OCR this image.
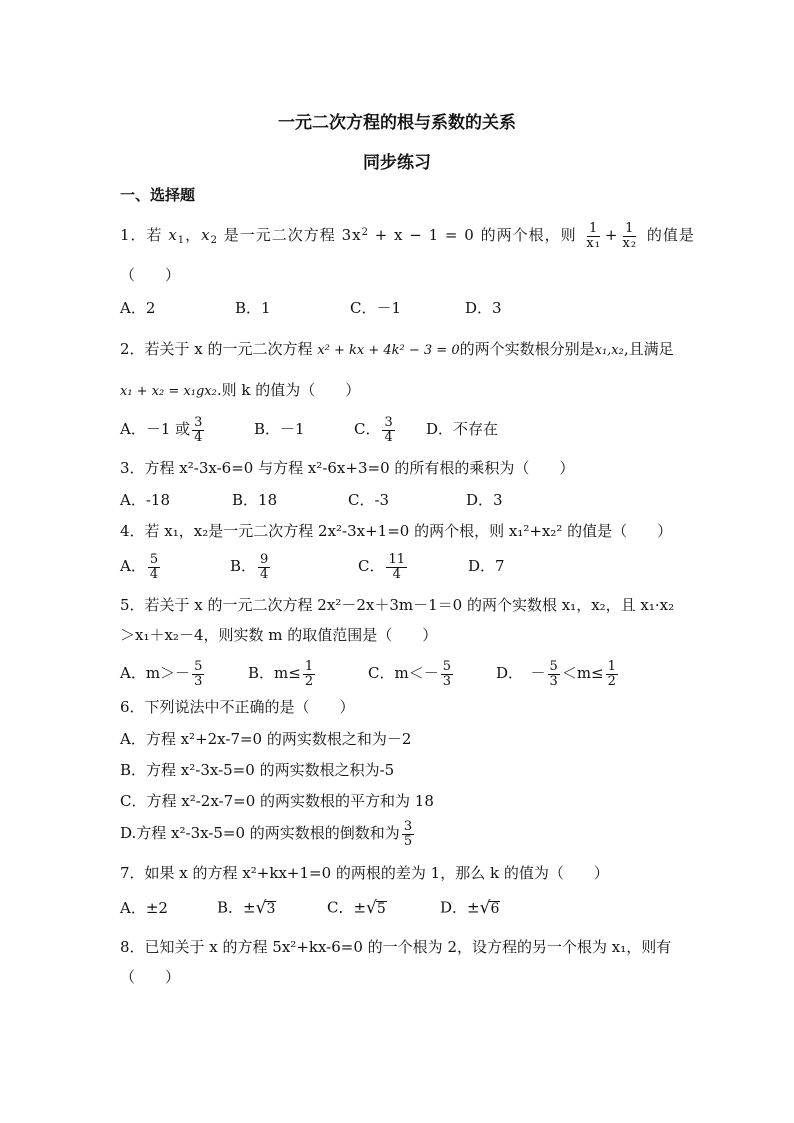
一元二次方程的根与系数的关系
同步练习
一、选择题
1．若 $x_1$，$x_2$ 是一元二次方程 $3x^2 + x - 1 = 0$ 的两个根，则 $\frac{1}{\text{x₁}} + \frac{1}{\text{x₂}}$ 的值是
（　　）
A．2	B．1	C．－1	D．3
2．若关于 x 的一元二次方程 x² + kx + 4k² − 3 = 0的两个实数根分别是x₁,x₂,且满足
x₁ + x₂ = x₁gx₂.则 k 的值为（　　）
A．－1 或 $\frac{3}{4}$	B．－1	C． $\frac{3}{4}$ D．不存在
3．方程 x²-3x-6=0 与方程 x²-6x+3=0 的所有根的乘积为（　　）
A．-18	B．18	C．-3	D．3
4．若 x₁，x₂是一元二次方程 2x²-3x+1=0 的两个根，则 x₁²+x₂² 的值是（　　）
A． $\frac{5}{4}$	B． $\frac{9}{4}$	C． $\frac{11}{4}$	D．7
5．若关于 x 的一元二次方程 2x²－2x＋3m－1＝0 的两个实数根 x₁，x₂，且 x₁·x₂
＞x₁＋x₂－4，则实数 m 的取值范围是（　　）
A．$m>- \frac{5}{3}$	B．$m\le \frac{1}{2}$	C．$m<- \frac{5}{3}$	D．　－ $\frac{5}{3} <m\le \frac{1}{2}$
6．下列说法中不正确的是（　　）
A．方程 x²+2x-7=0 的两实数根之和为－2
B．方程 x²-3x-5=0 的两实数根之积为-5
C．方程 x²-2x-7=0 的两实数根的平方和为 18
D.方程 x²-3x-5=0 的两实数根的倒数和为 $\frac{3}{5}$
7．如果 x 的方程 x²+kx+1=0 的两根的差为 1，那么 k 的值为（　　）
A．±2	B．± √ 3	C．± √ 5	D．± √ 6
8．已知关于 x 的方程 5x²+kx-6=0 的一个根为 2，设方程的另一个根为 x₁，则有
（　　）
